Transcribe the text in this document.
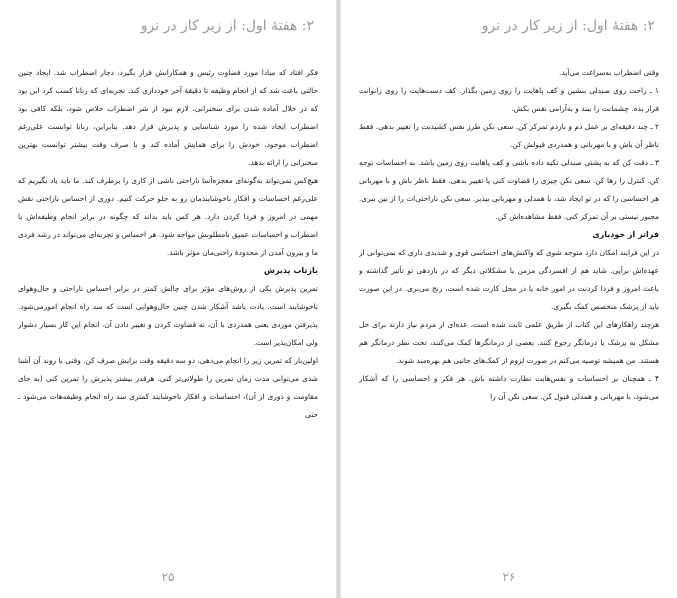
۲: هفتهٔ اول: از زیر کار در نرو

فکر افتاد که مبادا مورد قضاوت رئیس و همکارانش قرار بگیرد، دچار اضطراب شد. ایجاد چنین حالتی باعث شد که از انجام وظیفه تا دقیقهٔ آخر خودداری کند. تجربه‌ای که رنانا کسب کرد این بود که در خلال آماده شدن برای سخنرانی، لازم نبود از شر اضطراب خلاص شود، بلکه کافی بود اضطراب ایجاد شده را مورد شناسایی و پذیرش قرار دهد. بنابراین، رنانا توانست علی‌رغم اضطراب موجود، خودش را برای همایش آماده کند و با صرف وقت بیشتر توانست بهترین سخنرانی را ارائه بدهد.

هیچ‌کس نمی‌تواند به‌گونه‌ای معجزه‌آسا ناراحتی ناشی از کاری را برطرف کند. ما باید یاد بگیریم که علی‌رغم احساسات و افکار ناخوشایندمان رو به جلو حرکت کنیم. دوری از احساس ناراحتی نقش مهمی در امروز و فردا کردن دارد. هر کس باید بداند که چگونه در برابر انجام وظیفه‌اش با اضطراب و احساسات عمیق نامطلوبش مواجه شود. هر احساس و تجربه‌ای می‌تواند در رشد فردی ما و بیرون آمدن از محدودهٔ راحتی‌مان مؤثر باشد.

بازتاب پذیرش

تمرین پذیرش یکی از روش‌های مؤثر برای چالش کمتر در برابر احساس ناراحتی و حال‌وهوای ناخوشایند است. یادت باشد آشکار شدن چنین حال‌وهوایی است که سد راه انجام امورمی‌شود. پذیرفتن موردی یعنی همدردی با آن، نه قضاوت کردن و تغییر دادن آن. انجام این کار بسیار دشوار ولی امکان‌پذیر است.

اولین‌بار که تمرین زیر را انجام می‌دهی، دو سه دقیقه وقت برایش صرف کن. وقتی با روند آن آشنا شدی می‌توانی مدت زمان تمرین را طولانی‌تر کنی. هرقدر بیشتر پذیرش را تمرین کنی (به جای مقاومت و دوری از آن)، احساسات و افکار ناخوشایند کمتری سد راه انجام وظیفه‌هات می‌شود ـ حتی

۲۵
۲: هفتهٔ اول: از زیر کار در نرو

وقتی اضطراب به‌سراغت می‌آید.

۱ ـ راحت روی صندلی بنشین و کف پاهایت را روی زمین بگذار. کف دست‌هایت را روی زانوانت قرار بده. چشمانت را ببند و به‌آرامی نفس بکش.

۲ ـ چند دقیقه‌ای بر عمل دم و بازدم تمرکز کن. سعی نکن طرز نفس کشیدنت را تغییر بدهی. فقط ناظر آن باش و با مهربانی و همدردی قبولش کن.

۳ ـ دقت کن که به پشتی صندلی تکیه داده باشی و کف پاهایت روی زمین باشد. به احساسات توجه کن. کنترل را رها کن. سعی نکن چیزی را قضاوت کنی یا تغییر بدهی. فقط ناظر باش و با مهربانی هر احساسی را که در تو ایجاد شد، با همدلی و مهربانی بپذیر. سعی نکن ناراحتی‌ات را از بین ببری. مجبور نیستی بر آن تمرکز کنی. فقط مشاهده‌اش کن.

فراتر از خودیاری

در این فرایند امکان دارد متوجه شوی که واکنش‌های احساسی قوی و شدیدی داری که نمی‌توانی از عهده‌اش برآیی. شاید هم از افسردگی مزمن یا مشکلاتی دیگر که در بازدهی تو تأثیر گذاشته و باعث امروز و فردا کردنت در امور خانه یا در محل کارت شده است، رنج می‌بری. در این صورت باید از پزشک متخصص کمک بگیری.

هرچند راهکارهای این کتاب از طریق علمی ثابت شده است، عده‌ای از مردم نیاز دارند برای حل مشکل به پزشک یا درمانگر رجوع کنند. بعضی از درمانگرها کمک می‌کنند، تحت نظر درمانگر هم هستند. من همیشه توصیه می‌کنم در صورت لزوم از کمک‌های جانبی هم بهره‌مند شوند.

۴ ـ همچنان بر احساسات و نفس‌هایت نظارت داشته باش. هر فکر و احساسی را که آشکار می‌شود، با مهربانی و همدلی قبول کن. سعی نکن آن را

۲۶
